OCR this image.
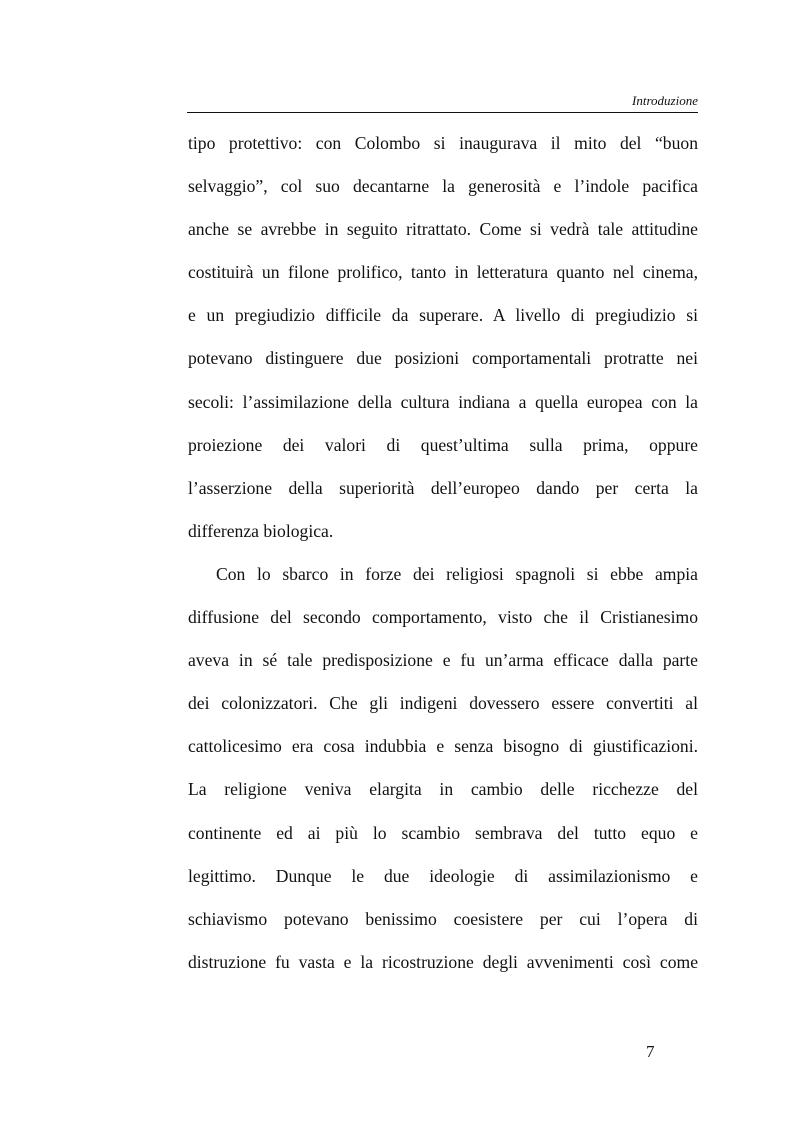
Introduzione
tipo protettivo: con Colombo si inaugurava il mito del “buon
selvaggio”, col suo decantarne la generosità e l’indole pacifica
anche se avrebbe in seguito ritrattato. Come si vedrà tale attitudine
costituirà un filone prolifico, tanto in letteratura quanto nel cinema,
e un pregiudizio difficile da superare. A livello di pregiudizio si
potevano distinguere due posizioni comportamentali protratte nei
secoli: l’assimilazione della cultura indiana a quella europea con la
proiezione dei valori di quest’ultima sulla prima, oppure
l’asserzione della superiorità dell’europeo dando per certa la
differenza biologica.
Con lo sbarco in forze dei religiosi spagnoli si ebbe ampia
diffusione del secondo comportamento, visto che il Cristianesimo
aveva in sé tale predisposizione e fu un’arma efficace dalla parte
dei colonizzatori. Che gli indigeni dovessero essere convertiti al
cattolicesimo era cosa indubbia e senza bisogno di giustificazioni.
La religione veniva elargita in cambio delle ricchezze del
continente ed ai più lo scambio sembrava del tutto equo e
legittimo. Dunque le due ideologie di assimilazionismo e
schiavismo potevano benissimo coesistere per cui l’opera di
distruzione fu vasta e la ricostruzione degli avvenimenti così come
7
